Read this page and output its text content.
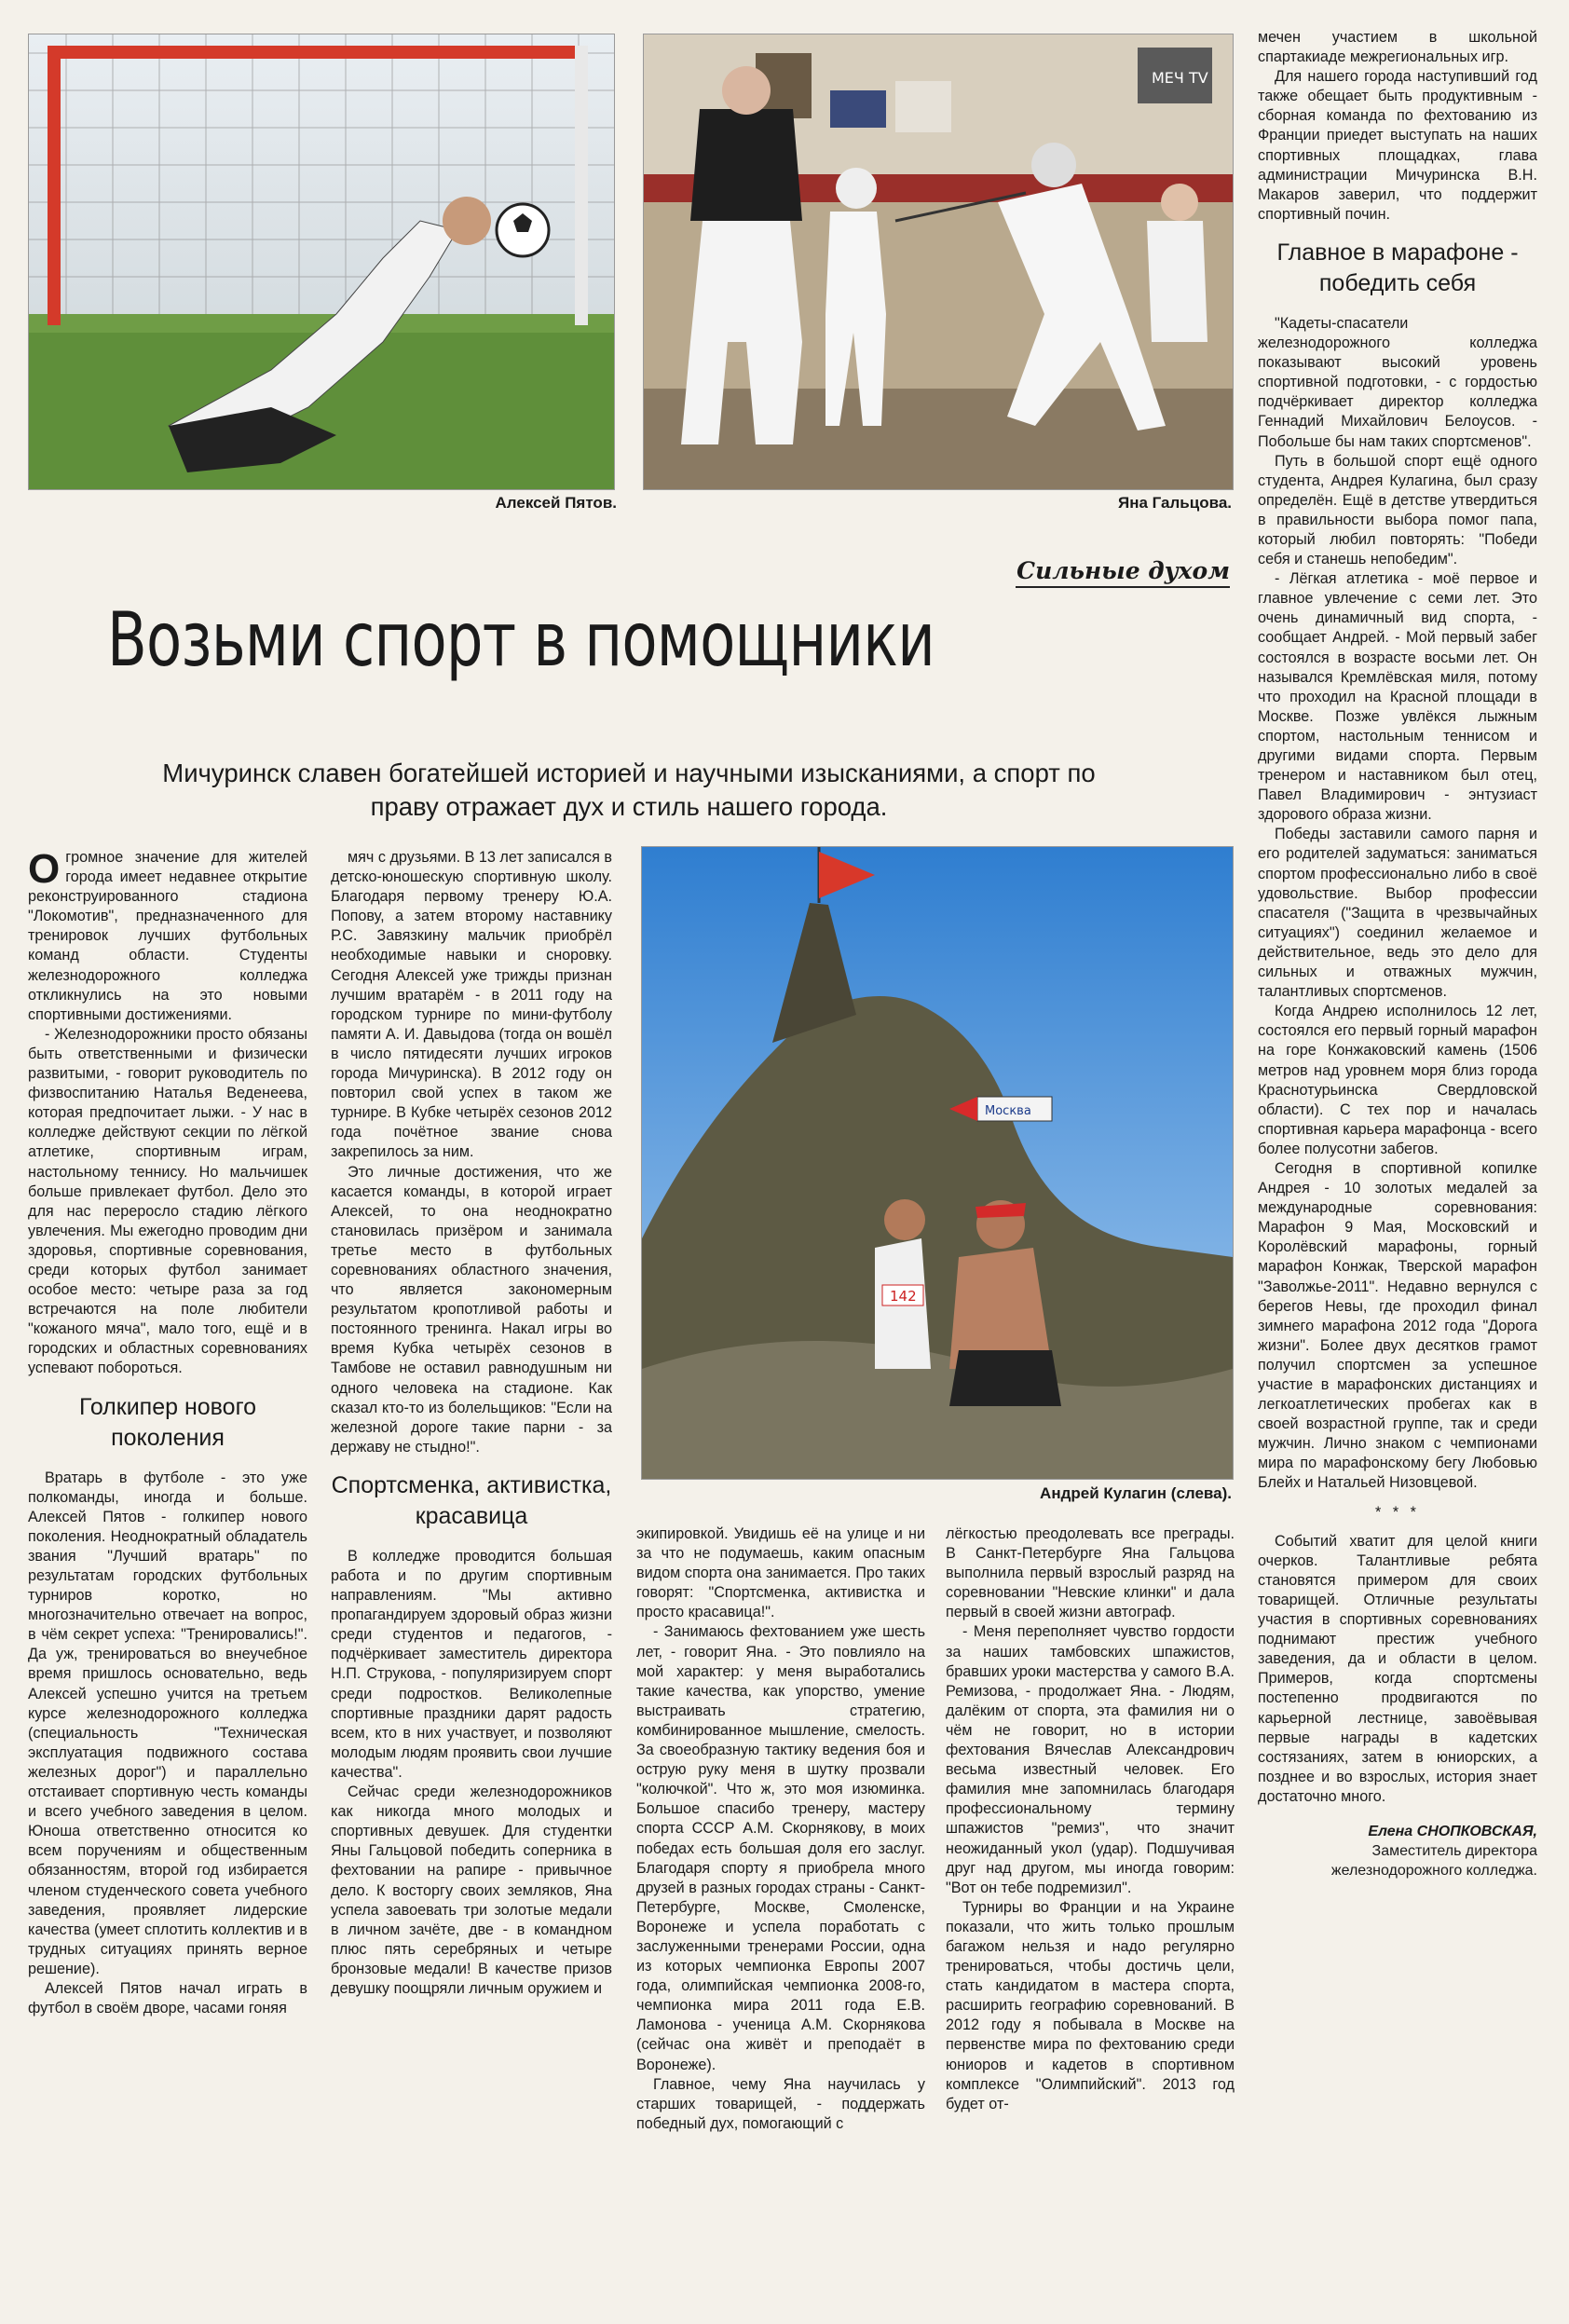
Алексей Пятов.
МЕЧ TV
Яна Гальцова.
Сильные духом
Возьми спорт в помощники
Мичуринск славен богатейшей историей и научными изысканиями, а спорт по праву отражает дух и стиль нашего города.
Москва
142
Андрей Кулагин (слева).

Огромное значение для жителей города имеет недавнее открытие реконструированного стадиона "Локомотив", предназначенного для тренировок лучших футбольных команд области. Студенты железнодорожного колледжа откликнулись на это новыми спортивными достижениями.

- Железнодорожники просто обязаны быть ответственными и физически развитыми, - говорит руководитель по физвоспитанию Наталья Веденеева, которая предпочитает лыжи. - У нас в колледже действуют секции по лёгкой атлетике, спортивным играм, настольному теннису. Но мальчишек больше привлекает футбол. Дело это для нас переросло стадию лёгкого увлечения. Мы ежегодно проводим дни здоровья, спортивные соревнования, среди которых футбол занимает особое место: четыре раза за год встречаются на поле любители "кожаного мяча", мало того, ещё и в городских и областных соревнованиях успевают побороться.

Голкипер нового поколения

Вратарь в футболе - это уже полкоманды, иногда и больше. Алексей Пятов - голкипер нового поколения. Неоднократный обладатель звания "Лучший вратарь" по результатам городских футбольных турниров коротко, но многозначительно отвечает на вопрос, в чём секрет успеха: "Тренировались!". Да уж, тренироваться во внеучебное время пришлось основательно, ведь Алексей успешно учится на третьем курсе железнодорожного колледжа (специальность "Техническая эксплуатация подвижного состава железных дорог") и параллельно отстаивает спортивную честь команды и всего учебного заведения в целом. Юноша ответственно относится ко всем поручениям и общественным обязанностям, второй год избирается членом студенческого совета учебного заведения, проявляет лидерские качества (умеет сплотить коллектив и в трудных ситуациях принять верное решение).

Алексей Пятов начал играть в футбол в своём дворе, часами гоняя

мяч с друзьями. В 13 лет записался в детско-юношескую спортивную школу. Благодаря первому тренеру Ю.А. Попову, а затем второму наставнику Р.С. Завязкину мальчик приобрёл необходимые навыки и сноровку. Сегодня Алексей уже трижды признан лучшим вратарём - в 2011 году на городском турнире по мини-футболу памяти А. И. Давыдова (тогда он вошёл в число пятидесяти лучших игроков города Мичуринска). В 2012 году он повторил свой успех в таком же турнире. В Кубке четырёх сезонов 2012 года почётное звание снова закрепилось за ним.

Это личные достижения, что же касается команды, в которой играет Алексей, то она неоднократно становилась призёром и занимала третье место в футбольных соревнованиях областного значения, что является закономерным результатом кропотливой работы и постоянного тренинга. Накал игры во время Кубка четырёх сезонов в Тамбове не оставил равнодушным ни одного человека на стадионе. Как сказал кто-то из болельщиков: "Если на железной дороге такие парни - за державу не стыдно!".

Спортсменка, активистка, красавица

В колледже проводится большая работа и по другим спортивным направлениям. "Мы активно пропагандируем здоровый образ жизни среди студентов и педагогов, - подчёркивает заместитель директора Н.П. Струкова, - популяризируем спорт среди подростков. Великолепные спортивные праздники дарят радость всем, кто в них участвует, и позволяют молодым людям проявить свои лучшие качества".

Сейчас среди железнодорожников как никогда много молодых и спортивных девушек. Для студентки Яны Гальцовой победить соперника в фехтовании на рапире - привычное дело. К восторгу своих земляков, Яна успела завоевать три золотые медали в личном зачёте, две - в командном плюс пять серебряных и четыре бронзовые медали! В качестве призов девушку поощряли личным оружием и

экипировкой. Увидишь её на улице и ни за что не подумаешь, каким опасным видом спорта она занимается. Про таких говорят: "Спортсменка, активистка и просто красавица!".

- Занимаюсь фехтованием уже шесть лет, - говорит Яна. - Это повлияло на мой характер: у меня выработались такие качества, как упорство, умение выстраивать стратегию, комбинированное мышление, смелость. За своеобразную тактику ведения боя и острую руку меня в шутку прозвали "колючкой". Что ж, это моя изюминка. Большое спасибо тренеру, мастеру спорта СССР А.М. Скорнякову, в моих победах есть большая доля его заслуг. Благодаря спорту я приобрела много друзей в разных городах страны - Санкт-Петербурге, Москве, Смоленске, Воронеже и успела поработать с заслуженными тренерами России, одна из которых чемпионка Европы 2007 года, олимпийская чемпионка 2008-го, чемпионка мира 2011 года Е.В. Ламонова - ученица А.М. Скорнякова (сейчас она живёт и преподаёт в Воронеже).

Главное, чему Яна научилась у старших товарищей, - поддержать победный дух, помогающий с

лёгкостью преодолевать все преграды. В Санкт-Петербурге Яна Гальцова выполнила первый взрослый разряд на соревновании "Невские клинки" и дала первый в своей жизни автограф.

- Меня переполняет чувство гордости за наших тамбовских шпажистов, бравших уроки мастерства у самого В.А. Ремизова, - продолжает Яна. - Людям, далёким от спорта, эта фамилия ни о чём не говорит, но в истории фехтования Вячеслав Александрович весьма известный человек. Его фамилия мне запомнилась благодаря профессиональному термину шпажистов "ремиз", что значит неожиданный укол (удар). Подшучивая друг над другом, мы иногда говорим: "Вот он тебе подремизил".

Турниры во Франции и на Украине показали, что жить только прошлым багажом нельзя и надо регулярно тренироваться, чтобы достичь цели, стать кандидатом в мастера спорта, расширить географию соревнований. В 2012 году я побывала в Москве на первенстве мира по фехтованию среди юниоров и кадетов в спортивном комплексе "Олимпийский". 2013 год будет от-

мечен участием в школьной спартакиаде межрегиональных игр.

Для нашего города наступивший год также обещает быть продуктивным - сборная команда по фехтованию из Франции приедет выступать на наших спортивных площадках, глава администрации Мичуринска В.Н. Макаров заверил, что поддержит спортивный почин.

Главное в марафоне - победить себя

"Кадеты-спасатели железнодорожного колледжа показывают высокий уровень спортивной подготовки, - с гордостью подчёркивает директор колледжа Геннадий Михайлович Белоусов. - Побольше бы нам таких спортсменов".

Путь в большой спорт ещё одного студента, Андрея Кулагина, был сразу определён. Ещё в детстве утвердиться в правильности выбора помог папа, который любил повторять: "Победи себя и станешь непобедим".

- Лёгкая атлетика - моё первое и главное увлечение с семи лет. Это очень динамичный вид спорта, - сообщает Андрей. - Мой первый забег состоялся в возрасте восьми лет. Он назывался Кремлёвская миля, потому что проходил на Красной площади в Москве. Позже увлёкся лыжным спортом, настольным теннисом и другими видами спорта. Первым тренером и наставником был отец, Павел Владимирович - энтузиаст здорового образа жизни.

Победы заставили самого парня и его родителей задуматься: заниматься спортом профессионально либо в своё удовольствие. Выбор профессии спасателя ("Защита в чрезвычайных ситуациях") соединил желаемое и действительное, ведь это дело для сильных и отважных мужчин, талантливых спортсменов.

Когда Андрею исполнилось 12 лет, состоялся его первый горный марафон на горе Конжаковский камень (1506 метров над уровнем моря близ города Краснотурьинска Свердловской области). С тех пор и началась спортивная карьера марафонца - всего более полусотни забегов.

Сегодня в спортивной копилке Андрея - 10 золотых медалей за международные соревнования: Марафон 9 Мая, Московский и Королёвский марафоны, горный марафон Конжак, Тверской марафон "Заволжье-2011". Недавно вернулся с берегов Невы, где проходил финал зимнего марафона 2012 года "Дорога жизни". Более двух десятков грамот получил спортсмен за успешное участие в марафонских дистанциях и легкоатлетических пробегах как в своей возрастной группе, так и среди мужчин. Лично знаком с чемпионами мира по марафонскому бегу Любовью Блейх и Натальей Низовцевой.

* * *

Событий хватит для целой книги очерков. Талантливые ребята становятся примером для своих товарищей. Отличные результаты участия в спортивных соревнованиях поднимают престиж учебного заведения, да и области в целом. Примеров, когда спортсмены постепенно продвигаются по карьерной лестнице, завоёвывая первые награды в кадетских состязаниях, затем в юниорских, а позднее и во взрослых, история знает достаточно много.

Елена СНОПКОВСКАЯ,
Заместитель директора железнодорожного колледжа.
